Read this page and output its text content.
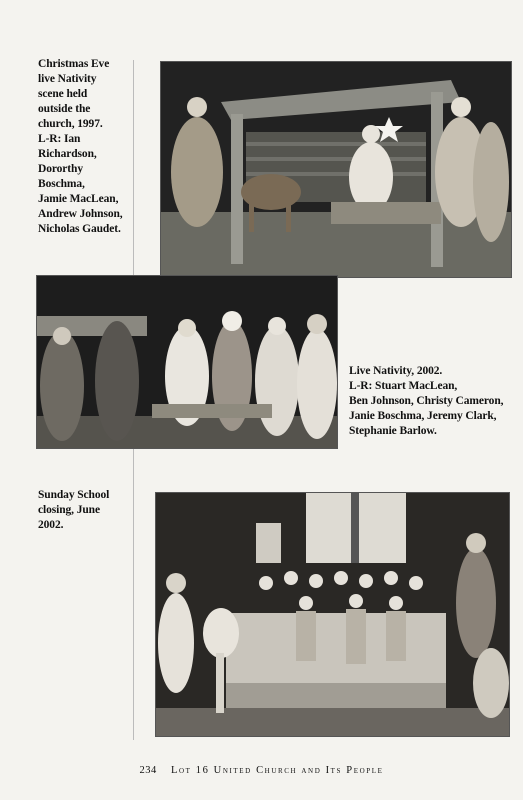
Christmas Eve
live Nativity
scene held
outside the
church, 1997.
L-R: Ian
Richardson,
Dororthy
Boschma,
Jamie MacLean,
Andrew Johnson,
Nicholas Gaudet.
Live Nativity, 2002.
L-R: Stuart MacLean,
Ben Johnson, Christy Cameron,
Janie Boschma, Jeremy Clark,
Stephanie Barlow.
Sunday School
closing, June
2002.
234 Lot 16 United Church and Its People
